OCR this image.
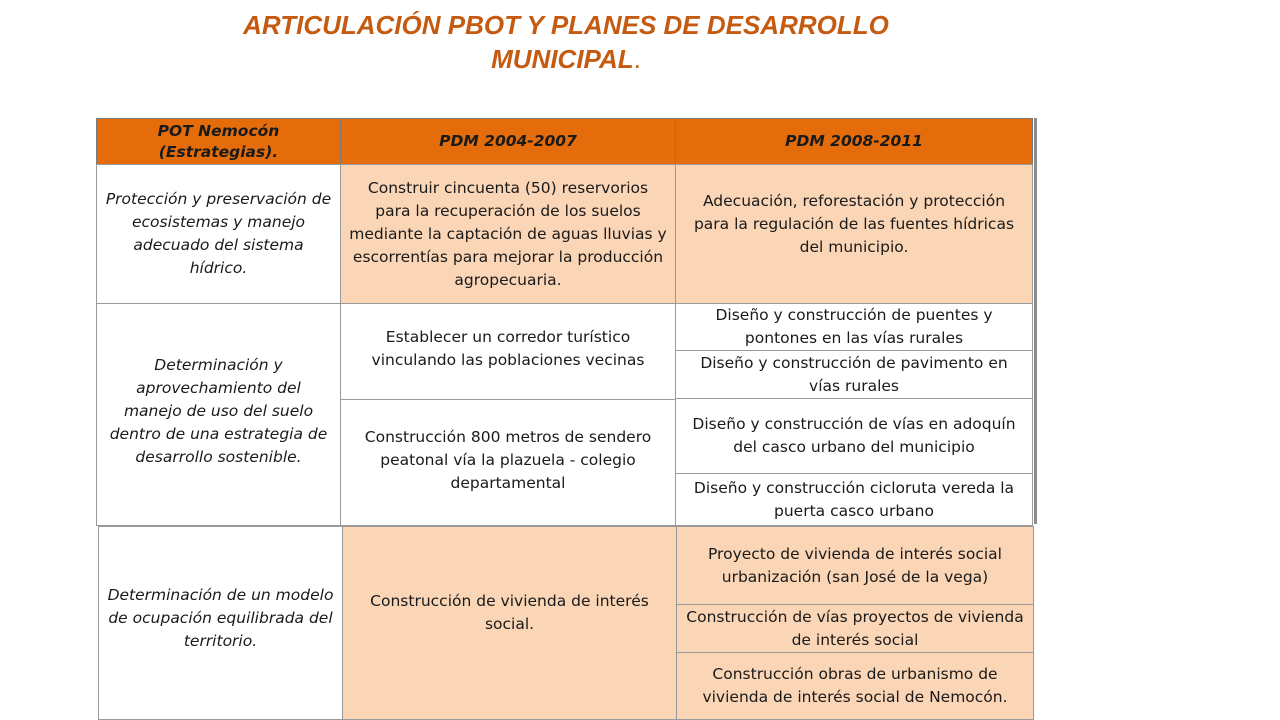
ARTICULACIÓN PBOT Y PLANES DE DESARROLLO MUNICIPAL.
POT Nemocón (Estrategias).
PDM 2004-2007	PDM 2008-2011
Protección y preservación de ecosistemas y manejo adecuado del sistema hídrico.
Construir cincuenta (50) reservorios para la recuperación de los suelos mediante la captación de aguas lluvias y escorrentías para mejorar la producción agropecuaria.
Adecuación, reforestación y protección para la regulación de las fuentes hídricas del municipio.
Determinación y aprovechamiento del manejo de uso del suelo dentro de una estrategia de desarrollo sostenible.
Establecer un corredor turístico vinculando las poblaciones vecinas
Construcción 800 metros de sendero peatonal vía la plazuela - colegio departamental
Diseño y construcción de puentes y pontones en las vías rurales
Diseño y construcción de pavimento en vías rurales
Diseño y construcción de vías en adoquín del casco urbano del municipio
Diseño y construcción cicloruta vereda la puerta casco urbano
Determinación de un modelo de ocupación equilibrada del territorio.
Construcción de vivienda de interés social.
Proyecto de vivienda de interés social urbanización (san José de la vega)
Construcción de vías proyectos de vivienda de interés social
Construcción obras de urbanismo de vivienda de interés social de Nemocón.
